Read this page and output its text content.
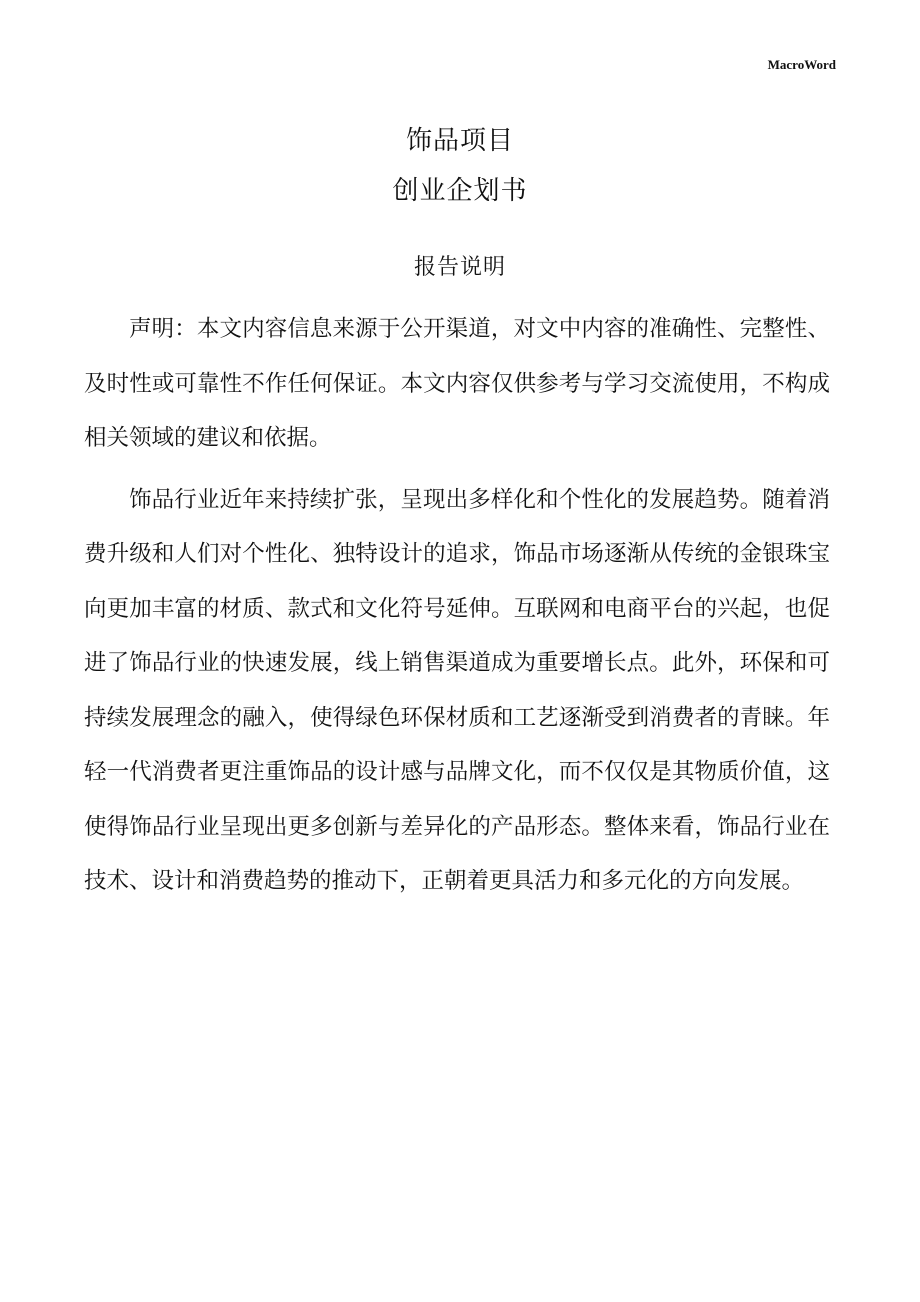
MacroWord
饰品项目
创业企划书
报告说明

声明：本文内容信息来源于公开渠道，对文中内容的准确性、完整性、及时性或可靠性不作任何保证。本文内容仅供参考与学习交流使用，不构成相关领域的建议和依据。

饰品行业近年来持续扩张，呈现出多样化和个性化的发展趋势。随着消费升级和人们对个性化、独特设计的追求，饰品市场逐渐从传统的金银珠宝向更加丰富的材质、款式和文化符号延伸。互联网和电商平台的兴起，也促进了饰品行业的快速发展，线上销售渠道成为重要增长点。此外，环保和可持续发展理念的融入，使得绿色环保材质和工艺逐渐受到消费者的青睐。年轻一代消费者更注重饰品的设计感与品牌文化，而不仅仅是其物质价值，这使得饰品行业呈现出更多创新与差异化的产品形态。整体来看，饰品行业在技术、设计和消费趋势的推动下，正朝着更具活力和多元化的方向发展。
